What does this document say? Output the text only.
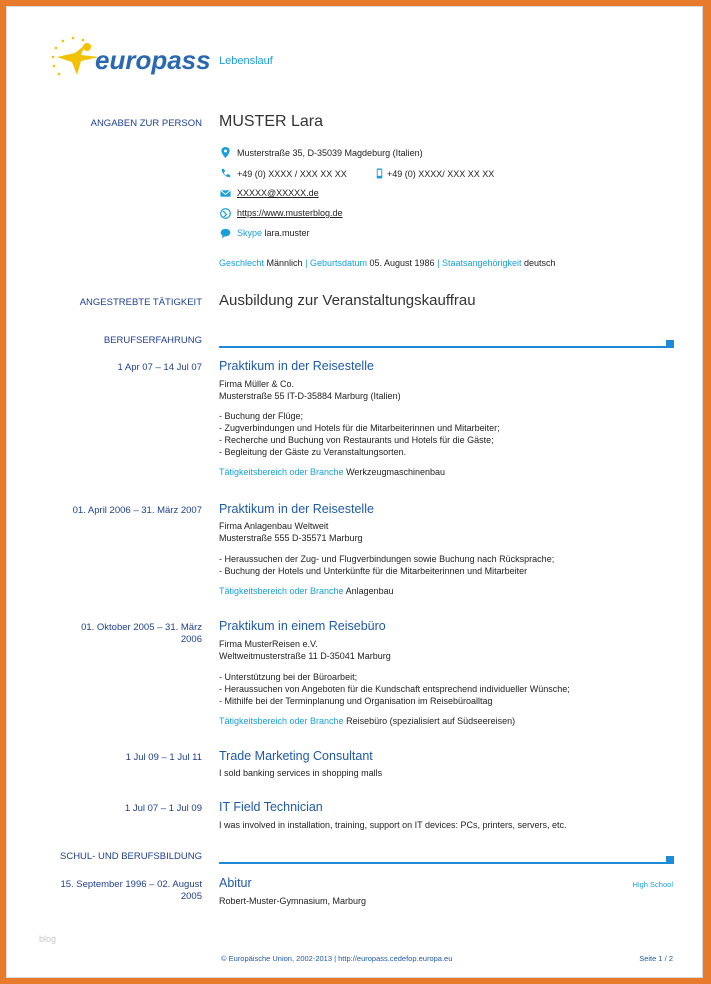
europass Lebenslauf
ANGABEN ZUR PERSON MUSTER Lara
Musterstraße 35, D-35039 Magdeburg (Italien)
+49 (0) XXXX / XXX XX XX	+49 (0) XXXX/ XXX XX XX
XXXXX@XXXXX.de
https://www.musterblog.de
Skype lara.muster
Geschlecht Männlich | Geburtsdatum 05. August 1986 | Staatsangehörigkeit deutsch
ANGESTREBTE TÄTIGKEIT Ausbildung zur Veranstaltungskauffrau
BERUFSERFAHRUNG
1 Apr 07 – 14 Jul 07 Praktikum in der Reisestelle
Firma Müller & Co.
Musterstraße 55 IT-D-35884 Marburg (Italien)
- Buchung der Flüge;
- Zugverbindungen und Hotels für die Mitarbeiterinnen und Mitarbeiter;
- Recherche und Buchung von Restaurants und Hotels für die Gäste;
- Begleitung der Gäste zu Veranstaltungsorten.
Tätigkeitsbereich oder Branche Werkzeugmaschinenbau
01. April 2006 – 31. März 2007 Praktikum in der Reisestelle
Firma Anlagenbau Weltweit
Musterstraße 555 D-35571 Marburg
- Heraussuchen der Zug- und Flugverbindungen sowie Buchung nach Rücksprache;
- Buchung der Hotels und Unterkünfte für die Mitarbeiterinnen und Mitarbeiter
Tätigkeitsbereich oder Branche Anlagenbau
01. Oktober 2005 – 31. März
2006
Praktikum in einem Reisebüro
Firma MusterReisen e.V.
Weltweitmusterstraße 11 D-35041 Marburg
- Unterstützung bei der Büroarbeit;
- Heraussuchen von Angeboten für die Kundschaft entsprechend individueller Wünsche;
- Mithilfe bei der Terminplanung und Organisation im Reisebüroalltag
Tätigkeitsbereich oder Branche Reisebüro (spezialisiert auf Südseereisen)
1 Jul 09 – 1 Jul 11 Trade Marketing Consultant
I sold banking services in shopping malls
1 Jul 07 – 1 Jul 09 IT Field Technician
I was involved in installation, training, support on IT devices: PCs, printers, servers, etc.
SCHUL- UND BERUFSBILDUNG
15. September 1996 – 02. August
2005
Abitur
Robert-Muster-Gymnasium, Marburg
High School
blog
© Europäische Union, 2002-2013 | http://europass.cedefop.europa.eu	Seite 1 / 2
